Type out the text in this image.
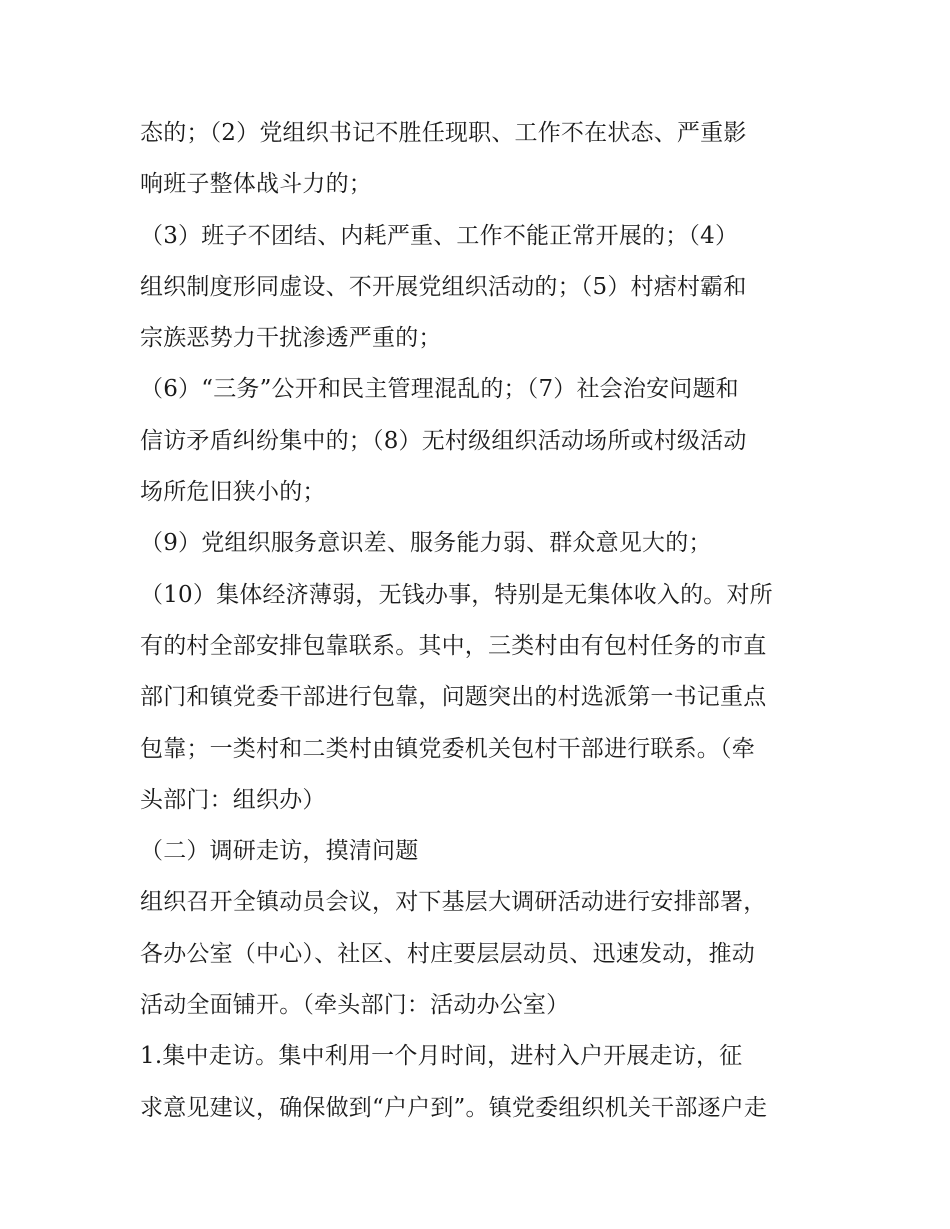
态的；（2）党组织书记不胜任现职、工作不在状态、严重影
响班子整体战斗力的；
（3）班子不团结、内耗严重、工作不能正常开展的；（4）
组织制度形同虚设、不开展党组织活动的；（5）村痞村霸和
宗族恶势力干扰渗透严重的；
（6）“三务”公开和民主管理混乱的；（7）社会治安问题和
信访矛盾纠纷集中的；（8）无村级组织活动场所或村级活动
场所危旧狭小的；
（9）党组织服务意识差、服务能力弱、群众意见大的；
（10）集体经济薄弱，无钱办事，特别是无集体收入的。对所
有的村全部安排包靠联系。其中，三类村由有包村任务的市直
部门和镇党委干部进行包靠，问题突出的村选派第一书记重点
包靠；一类村和二类村由镇党委机关包村干部进行联系。（牵
头部门：组织办）
（二）调研走访，摸清问题
组织召开全镇动员会议，对下基层大调研活动进行安排部署，
各办公室（中心）、社区、村庄要层层动员、迅速发动，推动
活动全面铺开。（牵头部门：活动办公室）
1.集中走访。集中利用一个月时间，进村入户开展走访，征
求意见建议，确保做到“户户到”。镇党委组织机关干部逐户走
